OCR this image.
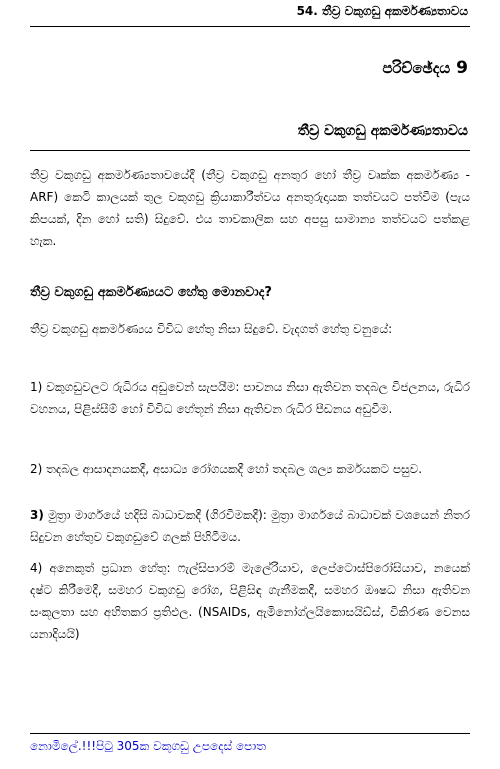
54. තීව්‍ර වකුගඩු අකර්මණ්‍යතාවය
පරිච්ඡේදය 9
තීව්‍ර වකුගඩු අකර්මණ්‍යතාවය
තීව්‍ර වකුගඩු අකර්මණ්‍යතාවයේදී (තීව්‍ර වකුගඩු අනතුර හෝ තීව්‍ර වෘක්ක අකර්මණ්‍ය - ARF) කෙටි කාලයක් තුල වකුගඩු ක්‍රියාකාරීත්වය අනතුරුදායක තත්වයට පත්වීම (පැය කිපයක්, දින හෝ සති) සිදුවේ. එය තාවකාලික සහ අපසු සාමාන්‍ය තත්වයට පත්කළ හැක.
තීව්‍ර වකුගඩු අකර්මණ්‍යයට හේතු මොනවාද?
තීව්‍ර වකුගඩු අකර්මණ්‍යය විවිධ හේතු නිසා සිදුවේ. වැදගත් හේතු වනුයේ:
1) වකුගඩුවලට රුධිරය අඩුවෙන් සැපයීම: පාචනය නිසා ඇතිවන තදබල විජලනය, රුධිර වහනය, පිළිස්සීම් හෝ විවිධ හේතූන් නිසා ඇතිවන රුධිර පීඩනය අඩුවීම.
2) තදබල ආසාදනයකදී, අසාධ්‍ය රෝගයකදී හෝ තදබල ශල්‍ය කර්මයකට පසුව.
3) මුත්‍රා මාර්ගයේ හදිසි බාධාවකදී (ගිරවීමකදී): මුත්‍රා මාර්ගයේ බාධාවක් වශයෙන් නිතර සිදුවන හේතුව වකුගඩුවේ ගලක් පිහිටීමය.
4) අනෙකුත් ප්‍රධාන හේතු: ෆැල්සිපාරම් මැලේරියාව, ලෙප්ටොස්පිරෝසියාව, නයෙක් දෂ්ට කිරීමෙදී, සමහර වකුගඩු රෝග, පිළිසිඳ ගැනීමකදී, සමහර ඖෂධ නිසා ඇතිවන සංකූලතා සහ අහිතකර ප්‍රතිඵල. (NSAIDs, ඇමිනෝග්ලයිකොසයිඩ්ස්, විකිරණ වෙනස යනාදියයි)
නොමිලේ.!!!පිටු 305ක වකුගඩු උපදෙස් පොත
